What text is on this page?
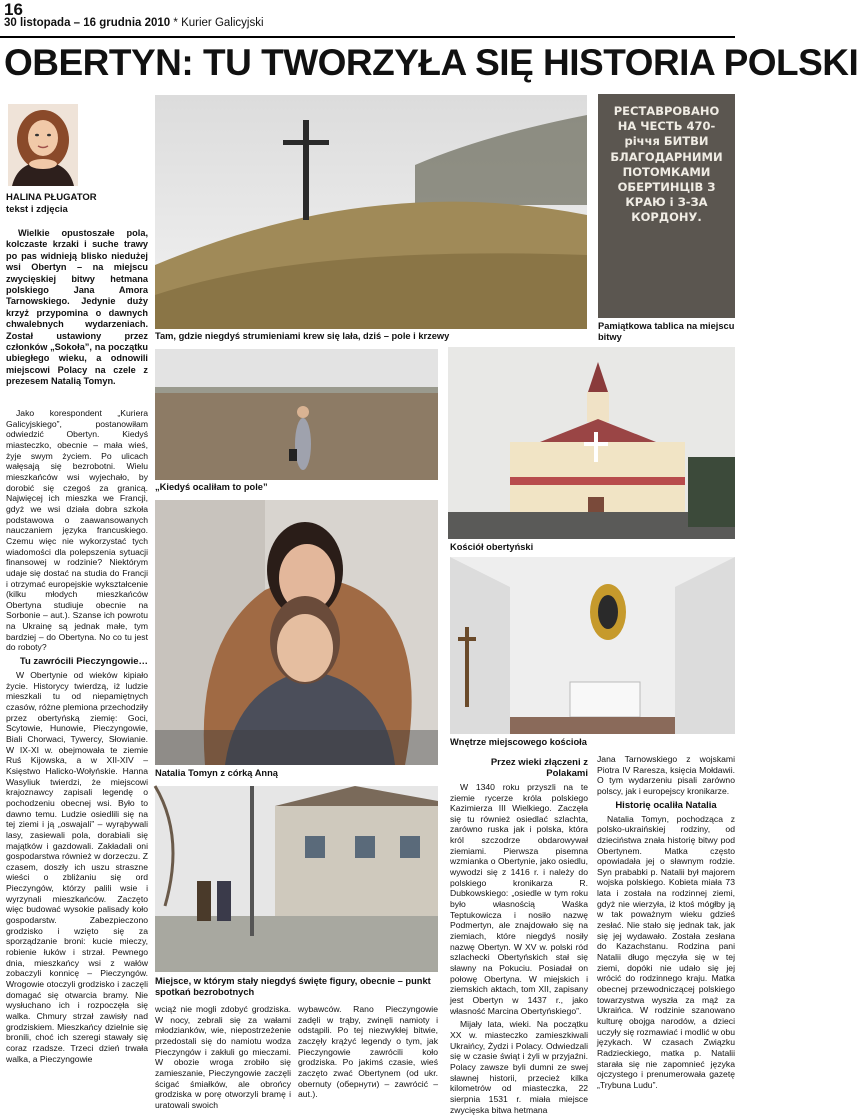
16
30 listopada – 16 grudnia 2010 * Kurier Galicyjski
OBERTYN: TU TWORZYŁA SIĘ HISTORIA POLSKI
HALINA PŁUGATOR
tekst i zdjęcia
Wielkie opustoszałe pola, kolczaste krzaki i suche trawy po pas widnieją blisko niedużej wsi Obertyn – na miejscu zwycięskiej bitwy hetmana polskiego Jana Amora Tarnowskiego. Jedynie duży krzyż przypomina o dawnych chwalebnych wydarzeniach. Został ustawiony przez członków „Sokoła”, na początku ubiegłego wieku, a odnowili miejscowi Polacy na czele z prezesem Natalią Tomyn.
Tam, gdzie niegdyś strumieniami krew się lała, dziś – pole i krzewy
РЕСТАВРОВАНО НА ЧЕСТЬ 470-річчя БИТВИ БЛАГОДАРНИМИ ПОТОМКАМИ ОБЕРТИНЦІВ З КРАЮ і З-ЗА КОРДОНУ.
Pamiątkowa tablica na miejscu bitwy
„Kiedyś ocaliłam to pole”
Kościół obertyński
Natalia Tomyn z córką Anną
Wnętrze miejscowego kościoła
Miejsce, w którym stały niegdyś święte figury, obecnie – punkt spotkań bezrobotnych

Jako korespondent „Kuriera Galicyjskiego”, postanowiłam odwiedzić Obertyn. Kiedyś miasteczko, obecnie – mała wieś, żyje swym życiem. Po ulicach wałęsają się bezrobotni. Wielu mieszkańców wsi wyjechało, by dorobić się czegoś za granicą. Najwięcej ich mieszka we Francji, gdyż we wsi działa dobra szkoła podstawowa o zaawansowanych nauczaniem języka francuskiego. Czemu więc nie wykorzystać tych wiadomości dla polepszenia sytuacji finansowej w rodzinie? Niektórym udaje się dostać na studia do Francji i otrzymać europejskie wykształcenie (kilku młodych mieszkańców Obertyna studiuje obecnie na Sorbonie – aut.). Szanse ich powrotu na Ukrainę są jednak małe, tym bardziej – do Obertyna. No co tu jest do roboty?

Tu zawrócili Pieczyngowie…

W Obertynie od wieków kipiało życie. Historycy twierdzą, iż ludzie mieszkali tu od niepamiętnych czasów, różne plemiona przechodziły przez obertyńską ziemię: Goci, Scytowie, Hunowie, Pieczyngowie, Biali Chorwaci, Tywercy, Słowianie. W IX-XI w. obejmowała te ziemie Ruś Kijowska, a w XII-XIV – Księstwo Halicko-Wołyńskie. Hanna Wasyliuk twierdzi, że miejscowi krajoznawcy zapisali legendę o pochodzeniu obecnej wsi. Było to dawno temu. Ludzie osiedlili się na tej ziemi i ją „oswajali” – wyrąbywali lasy, zasiewali pola, dorabiali się majątków i gazdowali. Zakładali oni gospodarstwa również w dorzeczu. Z czasem, doszły ich uszu straszne wieści o zbliżaniu się ord Pieczyngów, którzy palili wsie i wyrzynali mieszkańców. Zaczęto więc budować wysokie palisady koło gospodarstw. Zabezpieczono grodzisko i wzięto się za sporządzanie broni: kucie mieczy, robienie łuków i strzał. Pewnego dnia, mieszkańcy wsi z wałów zobaczyli konnicę – Pieczyngów. Wrogowie otoczyli grodzisko i zaczęli domagać się otwarcia bramy. Nie wysłuchano ich i rozpoczęła się walka. Chmury strzał zawisły nad grodziskiem. Mieszkańcy dzielnie się bronili, choć ich szeregi stawały się coraz rzadsze. Trzeci dzień trwała walka, a Pieczyngowie

wciąż nie mogli zdobyć grodziska. W nocy, zebrali się za wałami młodzianków, wie, niepostrzeżenie przedostali się do namiotu wodza Pieczyngów i zakłuli go mieczami. W obozie wroga zrobiło się zamieszanie, Pieczyngowie zaczęli ścigać śmiałków, ale obrońcy grodziska w porę otworzyli bramę i uratowali swoich

wybawców. Rano Pieczyngowie zadęli w trąby, zwinęli namioty i odstąpili. Po tej niezwykłej bitwie, zaczęły krążyć legendy o tym, jak Pieczyngowie zawrócili koło grodziska. Po jakimś czasie, wieś zaczęto zwać Obertynem (od ukr. obernuty (обернути) – zawrócić – aut.).

Przez wieki złączeni z Polakami

W 1340 roku przyszli na te ziemie rycerze króla polskiego Kazimierza III Wielkiego. Zaczęła się tu również osiedlać szlachta, zarówno ruska jak i polska, która król szczodrze obdarowywał ziemiami. Pierwsza pisemna wzmianka o Obertynie, jako osiedlu, wywodzi się z 1416 r. i należy do polskiego kronikarza R. Dubkowskiego: „osiedle w tym roku było własnością Waśka Teptukowicza i nosiło nazwę Podmertyn, ale znajdowało się na ziemiach, które niegdyś nosiły nazwę Obertyn. W XV w. polski ród szlachecki Obertyńskich stał się sławny na Pokuciu. Posiadał on połowę Obertyna. W miejskich i ziemskich aktach, tom XII, zapisany jest Obertyn w 1437 r., jako własność Marcina Obertyńskiego”.

Mijały lata, wieki. Na początku XX w. miasteczko zamieszkiwali Ukraińcy, Żydzi i Polacy. Odwiedzali się w czasie świąt i żyli w przyjaźni. Polacy zawsze byli dumni ze swej sławnej historii, przecież kilka kilometrów od miasteczka, 22 sierpnia 1531 r. miała miejsce zwycięska bitwa hetmana

Jana Tarnowskiego z wojskami Piotra IV Raresza, księcia Mołdawii. O tym wydarzeniu pisali zarówno polscy, jak i europejscy kronikarze.

Historię ocaliła Natalia

Natalia Tomyn, pochodząca z polsko-ukraińskiej rodziny, od dzieciństwa znała historię bitwy pod Obertynem. Matka często opowiadała jej o sławnym rodzie. Syn prababki p. Natalii był majorem wojska polskiego. Kobieta miała 73 lata i została na rodzinnej ziemi, gdyż nie wierzyła, iż ktoś mógłby ją w tak poważnym wieku gdzieś zesłać. Nie stało się jednak tak, jak się jej wydawało. Została zesłana do Kazachstanu. Rodzina pani Natalii długo męczyła się w tej ziemi, dopóki nie udało się jej wrócić do rodzinnego kraju. Matka obecnej przewodniczącej polskiego towarzystwa wyszła za mąż za Ukraińca. W rodzinie szanowano kulturę obojga narodów, a dzieci uczyły się rozmawiać i modlić w obu językach. W czasach Związku Radzieckiego, matka p. Natalii starała się nie zapomnieć języka ojczystego i prenumerowała gazetę „Trybuna Ludu”.
